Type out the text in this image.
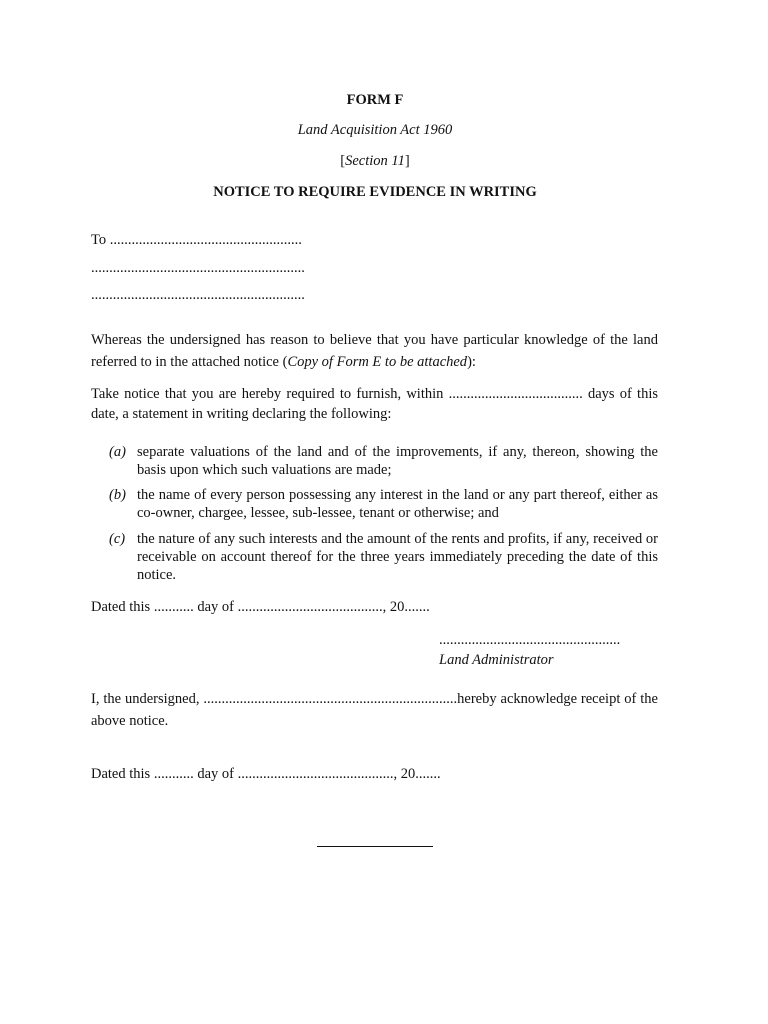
FORM F
Land Acquisition Act 1960
[Section 11]
NOTICE TO REQUIRE EVIDENCE IN WRITING
To .....................................................
...........................................................
...........................................................
Whereas the undersigned has reason to believe that you have particular knowledge of the land referred to in the attached notice (Copy of Form E to be attached):
Take notice that you are hereby required to furnish, within ..................................... days of this date, a statement in writing declaring the following:
(a) separate valuations of the land and of the improvements, if any, thereon, showing the basis upon which such valuations are made;
(b) the name of every person possessing any interest in the land or any part thereof, either as co-owner, chargee, lessee, sub-lessee, tenant or otherwise; and
(c) the nature of any such interests and the amount of the rents and profits, if any, received or receivable on account thereof for the three years immediately preceding the date of this notice.
Dated this ........... day of ........................................, 20.......
..................................................
Land Administrator
I, the undersigned, ......................................................................hereby acknowledge receipt of the above notice.
Dated this ........... day of ..........................................., 20.......
